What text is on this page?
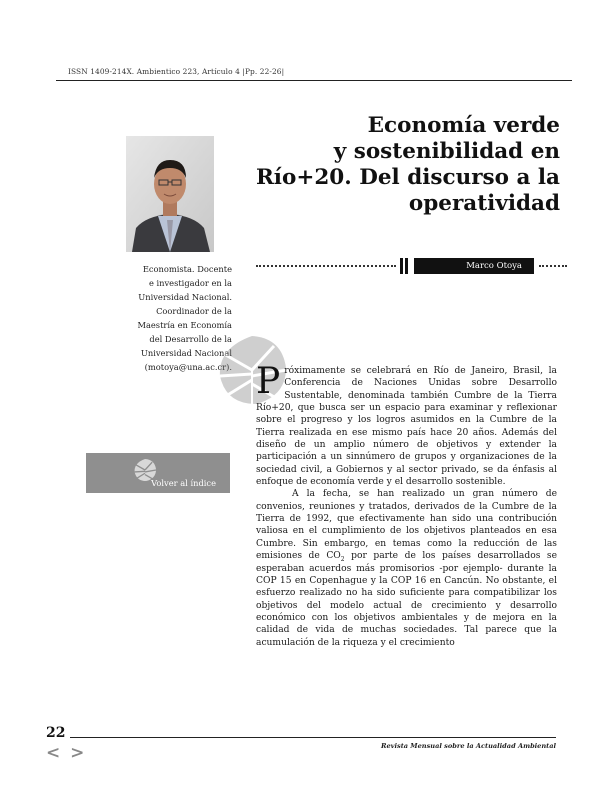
ISSN 1409-214X. Ambientico 223, Artículo 4 |Pp. 22-26|
Economía verde
y sostenibilidad en
Río+20. Del discurso a la
operatividad
Economista. Docente
e investigador en la
Universidad Nacional.
Coordinador de la
Maestría en Economía
del Desarrollo de la
Universidad Nacional
(motoya@una.ac.cr).
Marco Otoya
Volver al índice

Próximamente se celebrará en Río de Janeiro, Brasil, la Conferencia de Naciones Unidas sobre Desarrollo Sustentable, denominada también Cumbre de la Tierra Río+20, que busca ser un espacio para examinar y reflexionar sobre el progreso y los logros asumidos en la Cumbre de la Tierra realizada en ese mismo país hace 20 años. Además del diseño de un amplio número de objetivos y extender la participación a un sinnúmero de grupos y organizaciones de la sociedad civil, a Gobiernos y al sector privado, se da énfasis al enfoque de economía verde y el desarrollo sostenible.

A la fecha, se han realizado un gran número de convenios, reuniones y tratados, derivados de la Cumbre de la Tierra de 1992, que efectivamente han sido una contribución valiosa en el cumplimiento de los objetivos planteados en esa Cumbre. Sin embargo, en temas como la reducción de las emisiones de $CO_2$ por parte de los países desarrollados se esperaban acuerdos más promisorios -por ejemplo- durante la COP 15 en Copenhague y la COP 16 en Cancún. No obstante, el esfuerzo realizado no ha sido suficiente para compatibilizar los objetivos del modelo actual de crecimiento y desarrollo económico con los objetivos ambientales y de mejora en la calidad de vida de muchas sociedades. Tal parece que la acumulación de la riqueza y el crecimiento

22
Revista Mensual sobre la Actualidad Ambiental
< >
